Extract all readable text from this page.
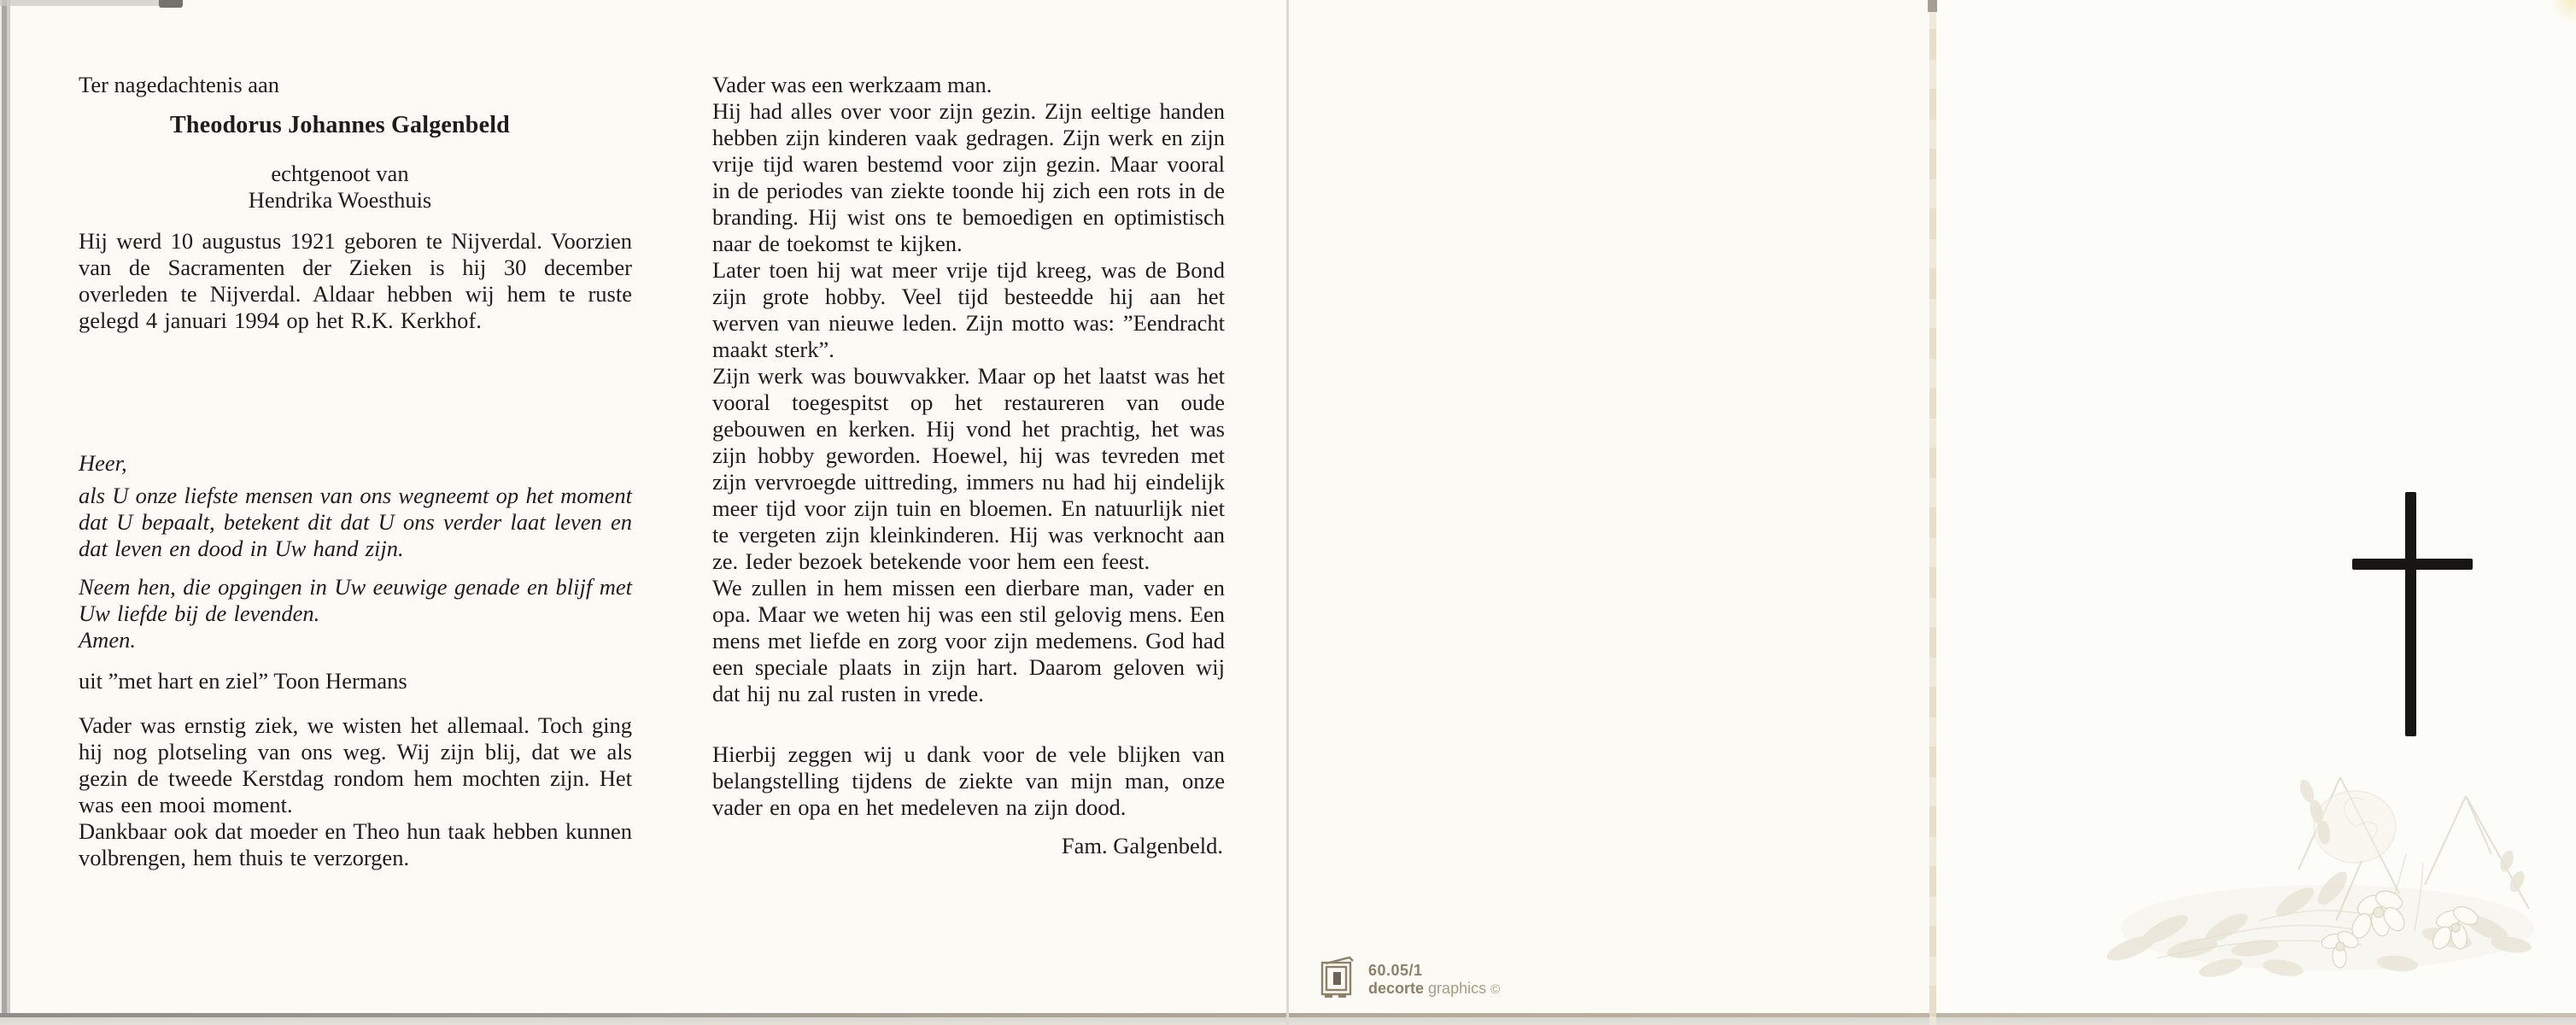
Ter nagedachtenis aan

Theodorus Johannes Galgenbeld

echtgenoot van

Hendrika Woesthuis

Hij werd 10 augustus 1921 geboren te Nijverdal. Voorzien van de Sacramenten der Zieken is hij 30 december overleden te Nijverdal. Aldaar hebben wij hem te ruste gelegd 4 januari 1994 op het R.K. Kerkhof.

Heer,

als U onze liefste mensen van ons wegneemt op het moment dat U bepaalt, betekent dit dat U ons verder laat leven en dat leven en dood in Uw hand zijn.

Neem hen, die opgingen in Uw eeuwige genade en blijf met Uw liefde bij de levenden.

Amen.

uit ”met hart en ziel” Toon Hermans

Vader was ernstig ziek, we wisten het allemaal. Toch ging hij nog plotseling van ons weg. Wij zijn blij, dat we als gezin de tweede Kerstdag rondom hem mochten zijn. Het was een mooi moment.

Dankbaar ook dat moeder en Theo hun taak hebben kunnen volbrengen, hem thuis te verzorgen.

Vader was een werkzaam man.

Hij had alles over voor zijn gezin. Zijn eeltige handen hebben zijn kinderen vaak gedragen. Zijn werk en zijn vrije tijd waren bestemd voor zijn gezin. Maar vooral in de periodes van ziekte toonde hij zich een rots in de branding. Hij wist ons te bemoedigen en optimistisch naar de toekomst te kijken.

Later toen hij wat meer vrije tijd kreeg, was de Bond zijn grote hobby. Veel tijd besteedde hij aan het werven van nieuwe leden. Zijn motto was: ”Eendracht maakt sterk”.

Zijn werk was bouwvakker. Maar op het laatst was het vooral toegespitst op het restaureren van oude gebouwen en kerken. Hij vond het prachtig, het was zijn hobby geworden. Hoewel, hij was tevreden met zijn vervroegde uittreding, immers nu had hij eindelijk meer tijd voor zijn tuin en bloemen. En natuurlijk niet te vergeten zijn kleinkinderen. Hij was verknocht aan ze. Ieder bezoek betekende voor hem een feest.

We zullen in hem missen een dierbare man, vader en opa. Maar we weten hij was een stil gelovig mens. Een mens met liefde en zorg voor zijn medemens. God had een speciale plaats in zijn hart. Daarom geloven wij dat hij nu zal rusten in vrede.

Hierbij zeggen wij u dank voor de vele blijken van belangstelling tijdens de ziekte van mijn man, onze vader en opa en het medeleven na zijn dood.

Fam. Galgenbeld.

60.05/1
decorte graphics ©
